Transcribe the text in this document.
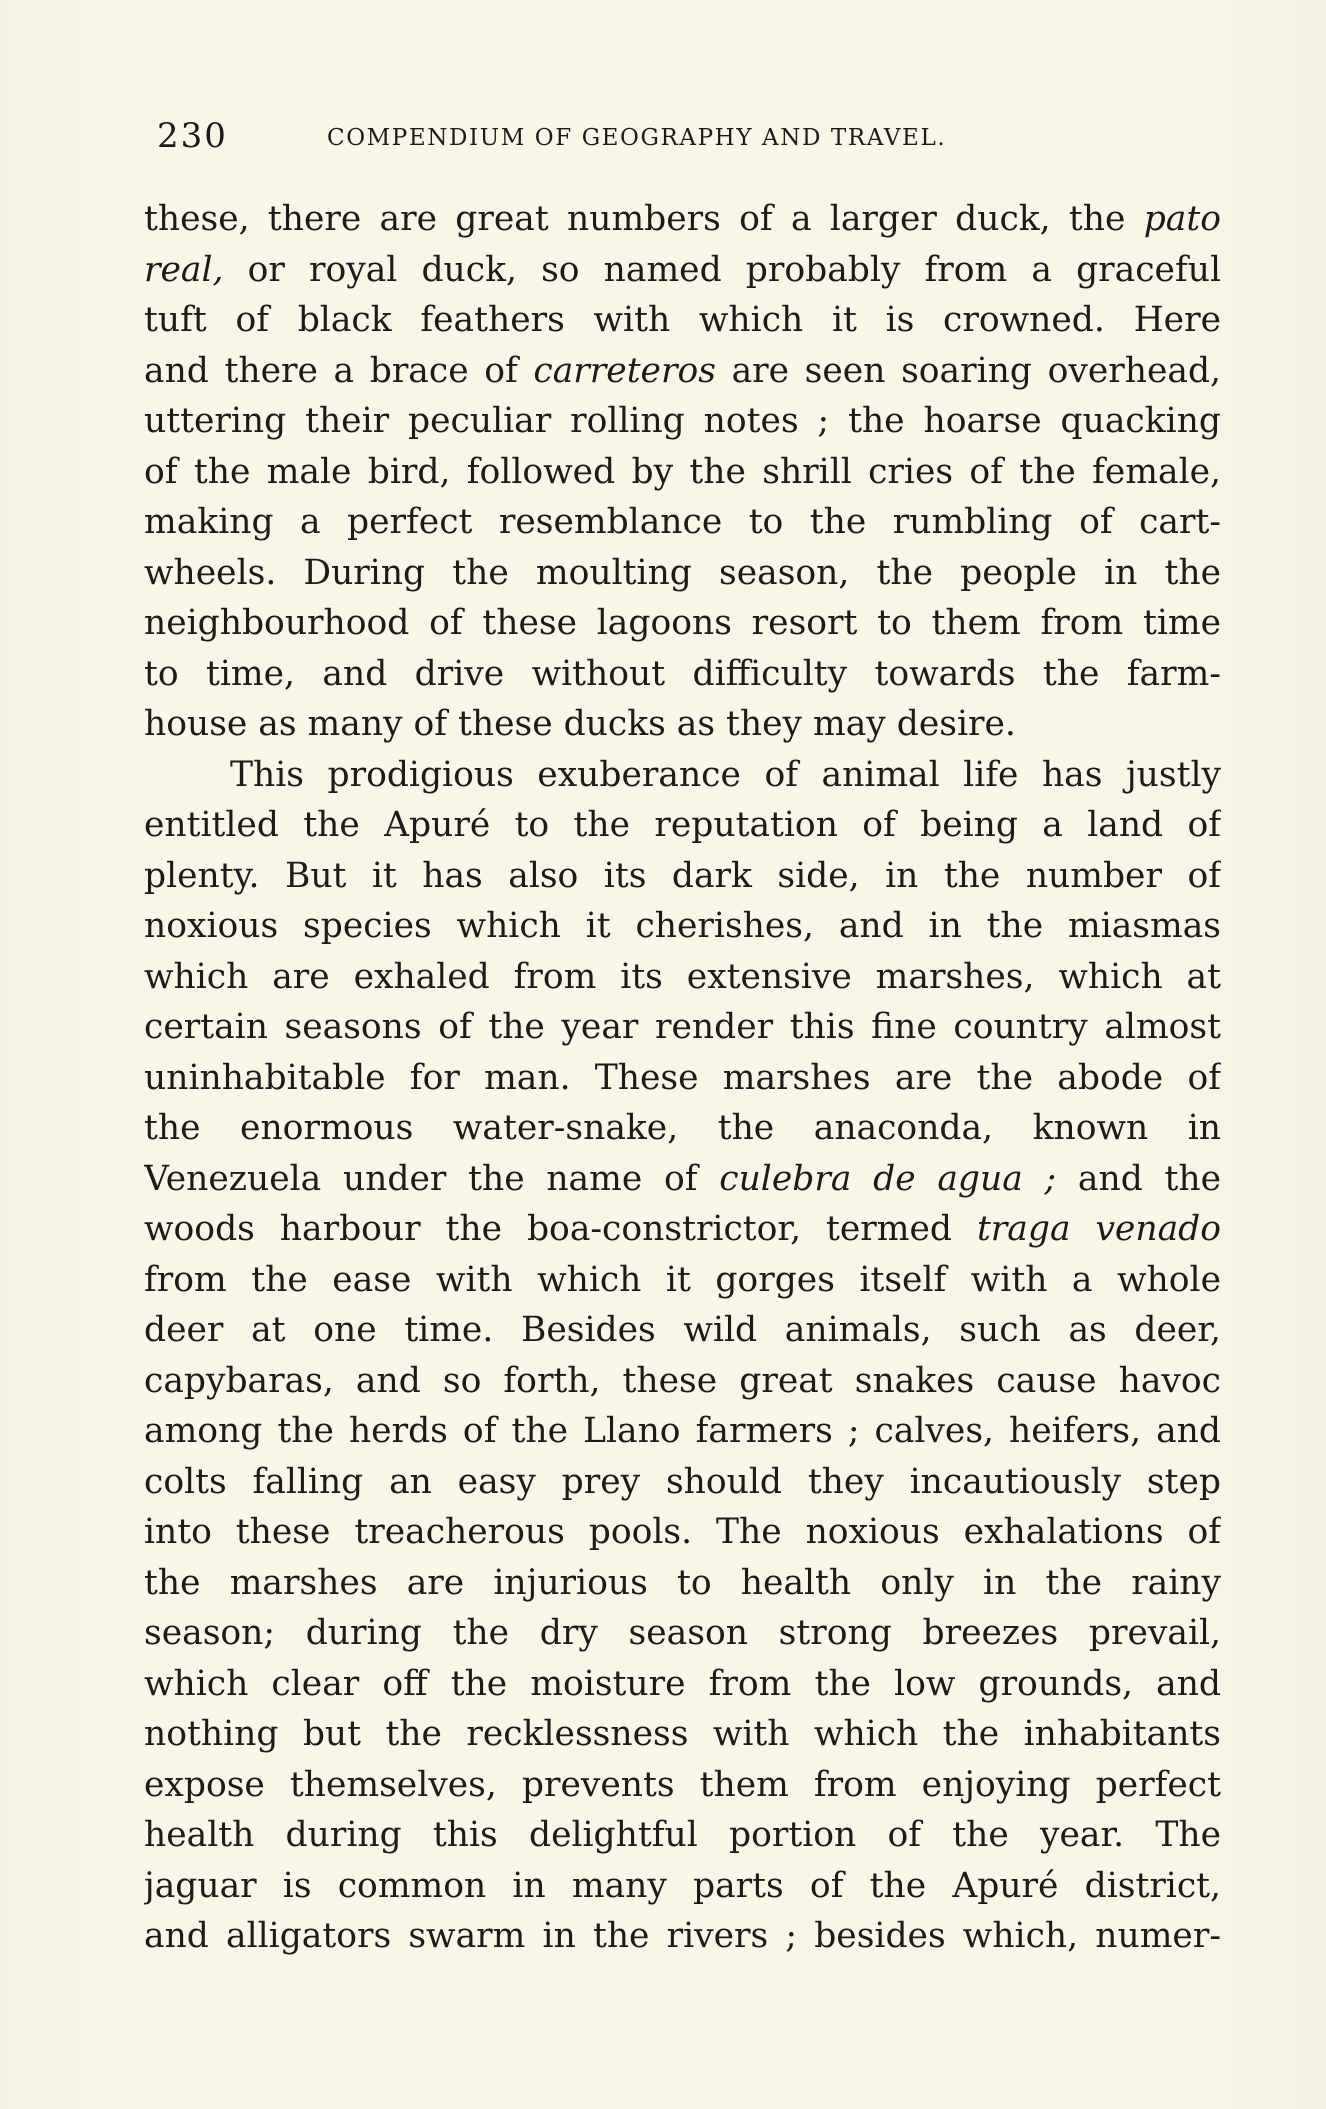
230	COMPENDIUM OF GEOGRAPHY AND TRAVEL.
these, there are great numbers of a larger duck, the pato
real, or royal duck, so named probably from a graceful
tuft of black feathers with which it is crowned. Here
and there a brace of carreteros are seen soaring overhead,
uttering their peculiar rolling notes ; the hoarse quacking
of the male bird, followed by the shrill cries of the female,
making a perfect resemblance to the rumbling of cart-
wheels. During the moulting season, the people in the
neighbourhood of these lagoons resort to them from time
to time, and drive without difficulty towards the farm-
house as many of these ducks as they may desire.
This prodigious exuberance of animal life has justly
entitled the Apuré to the reputation of being a land of
plenty. But it has also its dark side, in the number of
noxious species which it cherishes, and in the miasmas
which are exhaled from its extensive marshes, which at
certain seasons of the year render this fine country almost
uninhabitable for man. These marshes are the abode of
the enormous water-snake, the anaconda, known in
Venezuela under the name of culebra de agua ; and the
woods harbour the boa-constrictor, termed traga venado
from the ease with which it gorges itself with a whole
deer at one time. Besides wild animals, such as deer,
capybaras, and so forth, these great snakes cause havoc
among the herds of the Llano farmers ; calves, heifers, and
colts falling an easy prey should they incautiously step
into these treacherous pools. The noxious exhalations of
the marshes are injurious to health only in the rainy
season; during the dry season strong breezes prevail,
which clear off the moisture from the low grounds, and
nothing but the recklessness with which the inhabitants
expose themselves, prevents them from enjoying perfect
health during this delightful portion of the year. The
jaguar is common in many parts of the Apuré district,
and alligators swarm in the rivers ; besides which, numer-
